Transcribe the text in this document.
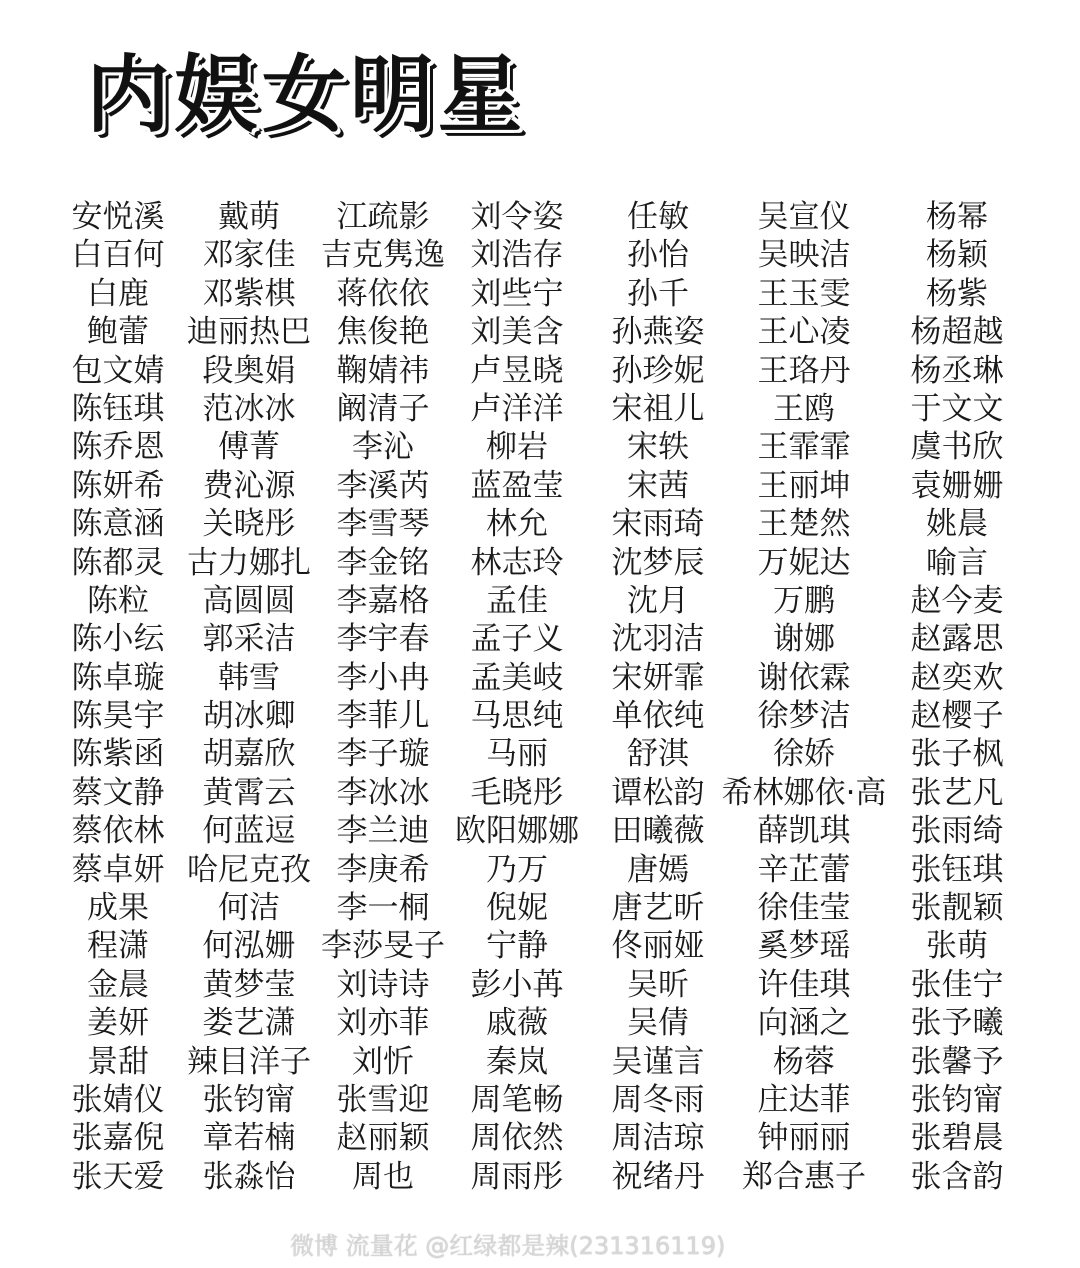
内娱女明星
安悦溪
白百何
白鹿
鲍蕾
包文婧
陈钰琪
陈乔恩
陈妍希
陈意涵
陈都灵
陈粒
陈小纭
陈卓璇
陈昊宇
陈紫函
蔡文静
蔡依林
蔡卓妍
成果
程潇
金晨
姜妍
景甜
张婧仪
张嘉倪
张天爱
戴萌
邓家佳
邓紫棋
迪丽热巴
段奥娟
范冰冰
傅菁
费沁源
关晓彤
古力娜扎
高圆圆
郭采洁
韩雪
胡冰卿
胡嘉欣
黄霄云
何蓝逗
哈尼克孜
何洁
何泓姗
黄梦莹
娄艺潇
辣目洋子
张钧甯
章若楠
张淼怡
江疏影
吉克隽逸
蒋依依
焦俊艳
鞠婧祎
阚清子
李沁
李溪芮
李雪琴
李金铭
李嘉格
李宇春
李小冉
李菲儿
李子璇
李冰冰
李兰迪
李庚希
李一桐
李莎旻子
刘诗诗
刘亦菲
刘忻
张雪迎
赵丽颖
周也
刘令姿
刘浩存
刘些宁
刘美含
卢昱晓
卢洋洋
柳岩
蓝盈莹
林允
林志玲
孟佳
孟子义
孟美岐
马思纯
马丽
毛晓彤
欧阳娜娜
乃万
倪妮
宁静
彭小苒
戚薇
秦岚
周笔畅
周依然
周雨彤
任敏
孙怡
孙千
孙燕姿
孙珍妮
宋祖儿
宋轶
宋茜
宋雨琦
沈梦辰
沈月
沈羽洁
宋妍霏
单依纯
舒淇
谭松韵
田曦薇
唐嫣
唐艺昕
佟丽娅
吴昕
吴倩
吴谨言
周冬雨
周洁琼
祝绪丹
吴宣仪
吴映洁
王玉雯
王心凌
王珞丹
王鸥
王霏霏
王丽坤
王楚然
万妮达
万鹏
谢娜
谢依霖
徐梦洁
徐娇
希林娜依·高
薛凯琪
辛芷蕾
徐佳莹
奚梦瑶
许佳琪
向涵之
杨蓉
庄达菲
钟丽丽
郑合惠子
杨幂
杨颖
杨紫
杨超越
杨丞琳
于文文
虞书欣
袁姗姗
姚晨
喻言
赵今麦
赵露思
赵奕欢
赵樱子
张子枫
张艺凡
张雨绮
张钰琪
张靓颖
张萌
张佳宁
张予曦
张馨予
张钧甯
张碧晨
张含韵
微博 流量花 @红绿都是辣(231316119)
